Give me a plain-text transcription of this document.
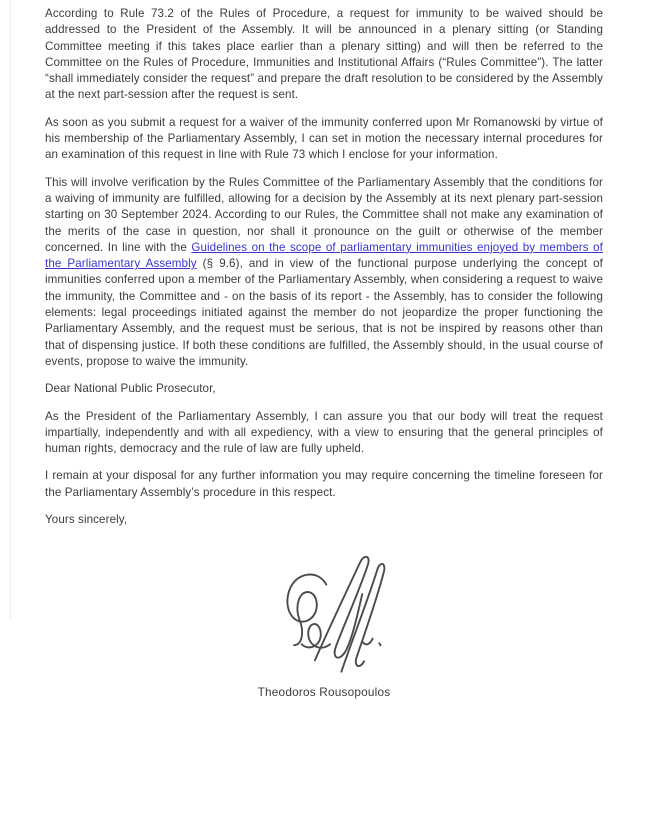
According to Rule 73.2 of the Rules of Procedure, a request for immunity to be waived should be addressed to the President of the Assembly. It will be announced in a plenary sitting (or Standing Committee meeting if this takes place earlier than a plenary sitting) and will then be referred to the Committee on the Rules of Procedure, Immunities and Institutional Affairs (“Rules Committee”). The latter “shall immediately consider the request” and prepare the draft resolution to be considered by the Assembly at the next part-session after the request is sent.

As soon as you submit a request for a waiver of the immunity conferred upon Mr Romanowski by virtue of his membership of the Parliamentary Assembly, I can set in motion the necessary internal procedures for an examination of this request in line with Rule 73 which I enclose for your information.

This will involve verification by the Rules Committee of the Parliamentary Assembly that the conditions for a waiving of immunity are fulfilled, allowing for a decision by the Assembly at its next plenary part-session starting on 30 September 2024. According to our Rules, the Committee shall not make any examination of the merits of the case in question, nor shall it pronounce on the guilt or otherwise of the member concerned. In line with the Guidelines on the scope of parliamentary immunities enjoyed by members of the Parliamentary Assembly (§ 9.6), and in view of the functional purpose underlying the concept of immunities conferred upon a member of the Parliamentary Assembly, when considering a request to waive the immunity, the Committee and - on the basis of its report - the Assembly, has to consider the following elements: legal proceedings initiated against the member do not jeopardize the proper functioning the Parliamentary Assembly, and the request must be serious, that is not be inspired by reasons other than that of dispensing justice. If both these conditions are fulfilled, the Assembly should, in the usual course of events, propose to waive the immunity.

Dear National Public Prosecutor,

As the President of the Parliamentary Assembly, I can assure you that our body will treat the request impartially, independently and with all expediency, with a view to ensuring that the general principles of human rights, democracy and the rule of law are fully upheld.

I remain at your disposal for any further information you may require concerning the timeline foreseen for the Parliamentary Assembly’s procedure in this respect.

Yours sincerely,

Theodoros Rousopoulos
